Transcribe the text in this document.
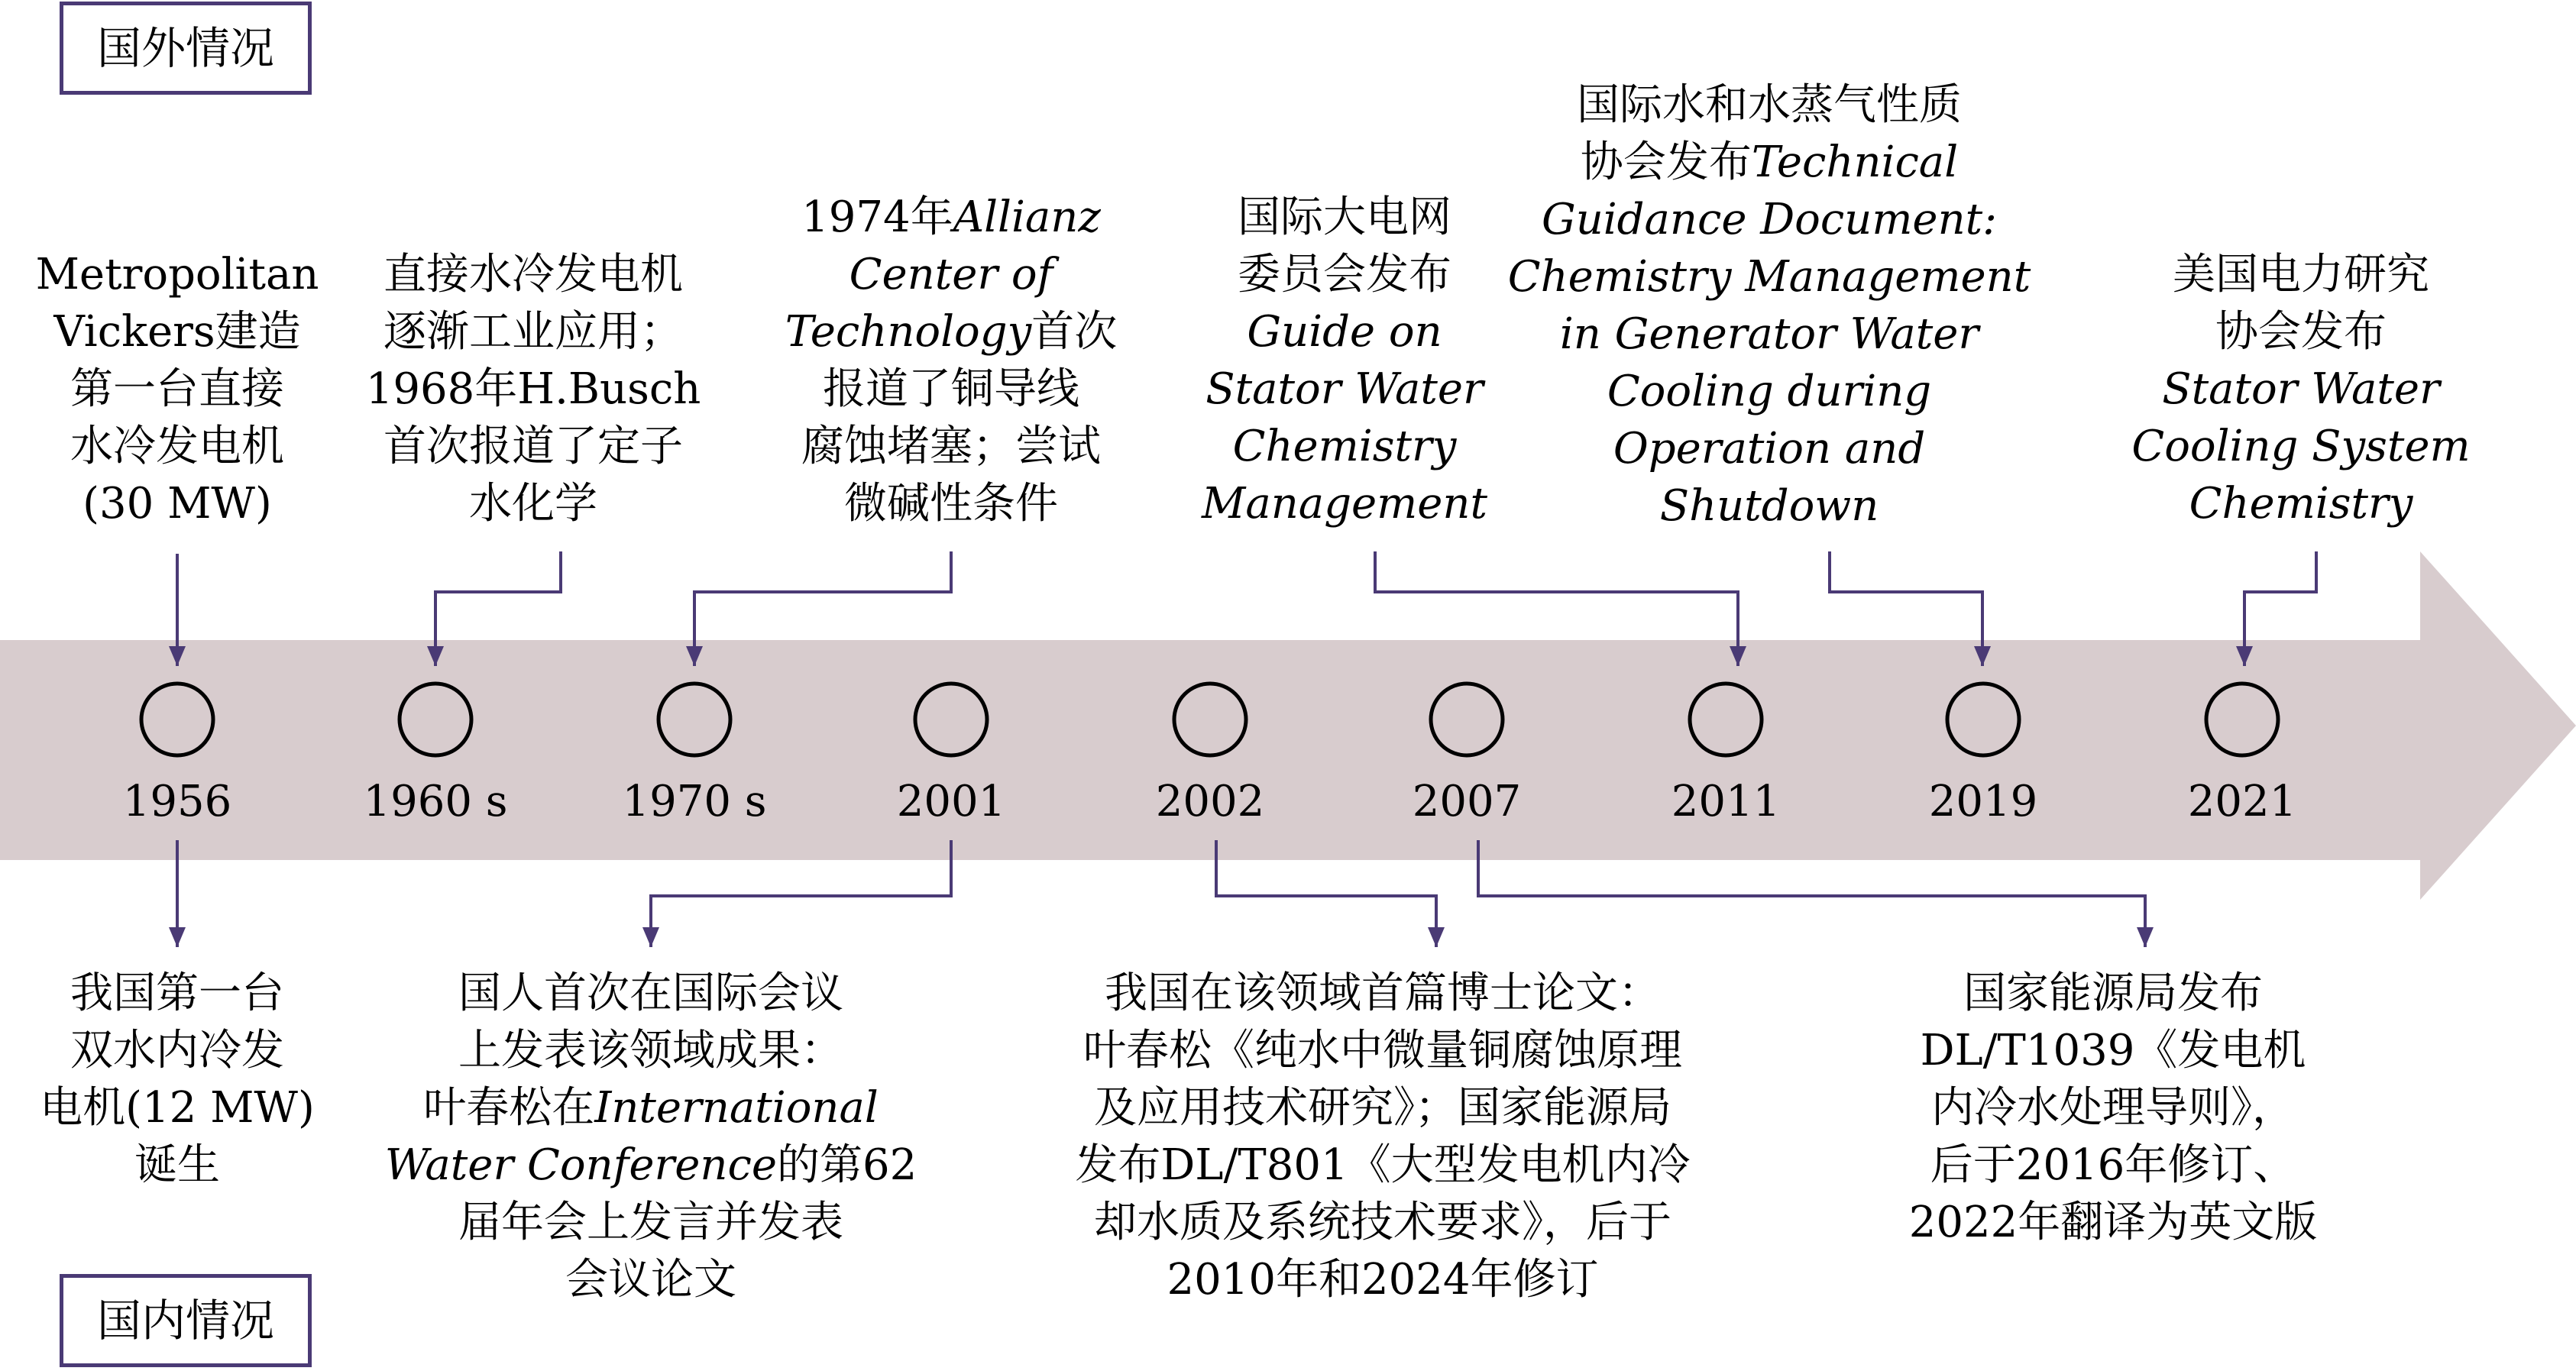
国外情况
国内情况
1956	1960 s	1970 s	2001	2002	2007	2011	2019	2021
Metropolitan
Vickers建造
第一台直接
水冷发电机
(30 MW)
直接水冷发电机
逐渐工业应用；
1968年H.Busch
首次报道了定子
水化学
1974年Allianz
Center of
Technology首次
报道了铜导线
腐蚀堵塞；尝试
微碱性条件
国际大电网
委员会发布
Guide on
Stator Water
Chemistry
Management
国际水和水蒸气性质
协会发布Technical
Guidance Document:
Chemistry Management
in Generator Water
Cooling during
Operation and
Shutdown
美国电力研究
协会发布
Stator Water
Cooling System
Chemistry
我国第一台
双水内冷发
电机(12 MW)
诞生
国人首次在国际会议
上发表该领域成果：
叶春松在International
Water Conference的第62
届年会上发言并发表
会议论文
我国在该领域首篇博士论文：
叶春松《纯水中微量铜腐蚀原理
及应用技术研究》；国家能源局
发布DL/T801《大型发电机内冷
却水质及系统技术要求》，后于
2010年和2024年修订
国家能源局发布
DL/T1039《发电机
内冷水处理导则》，
后于2016年修订、
2022年翻译为英文版
